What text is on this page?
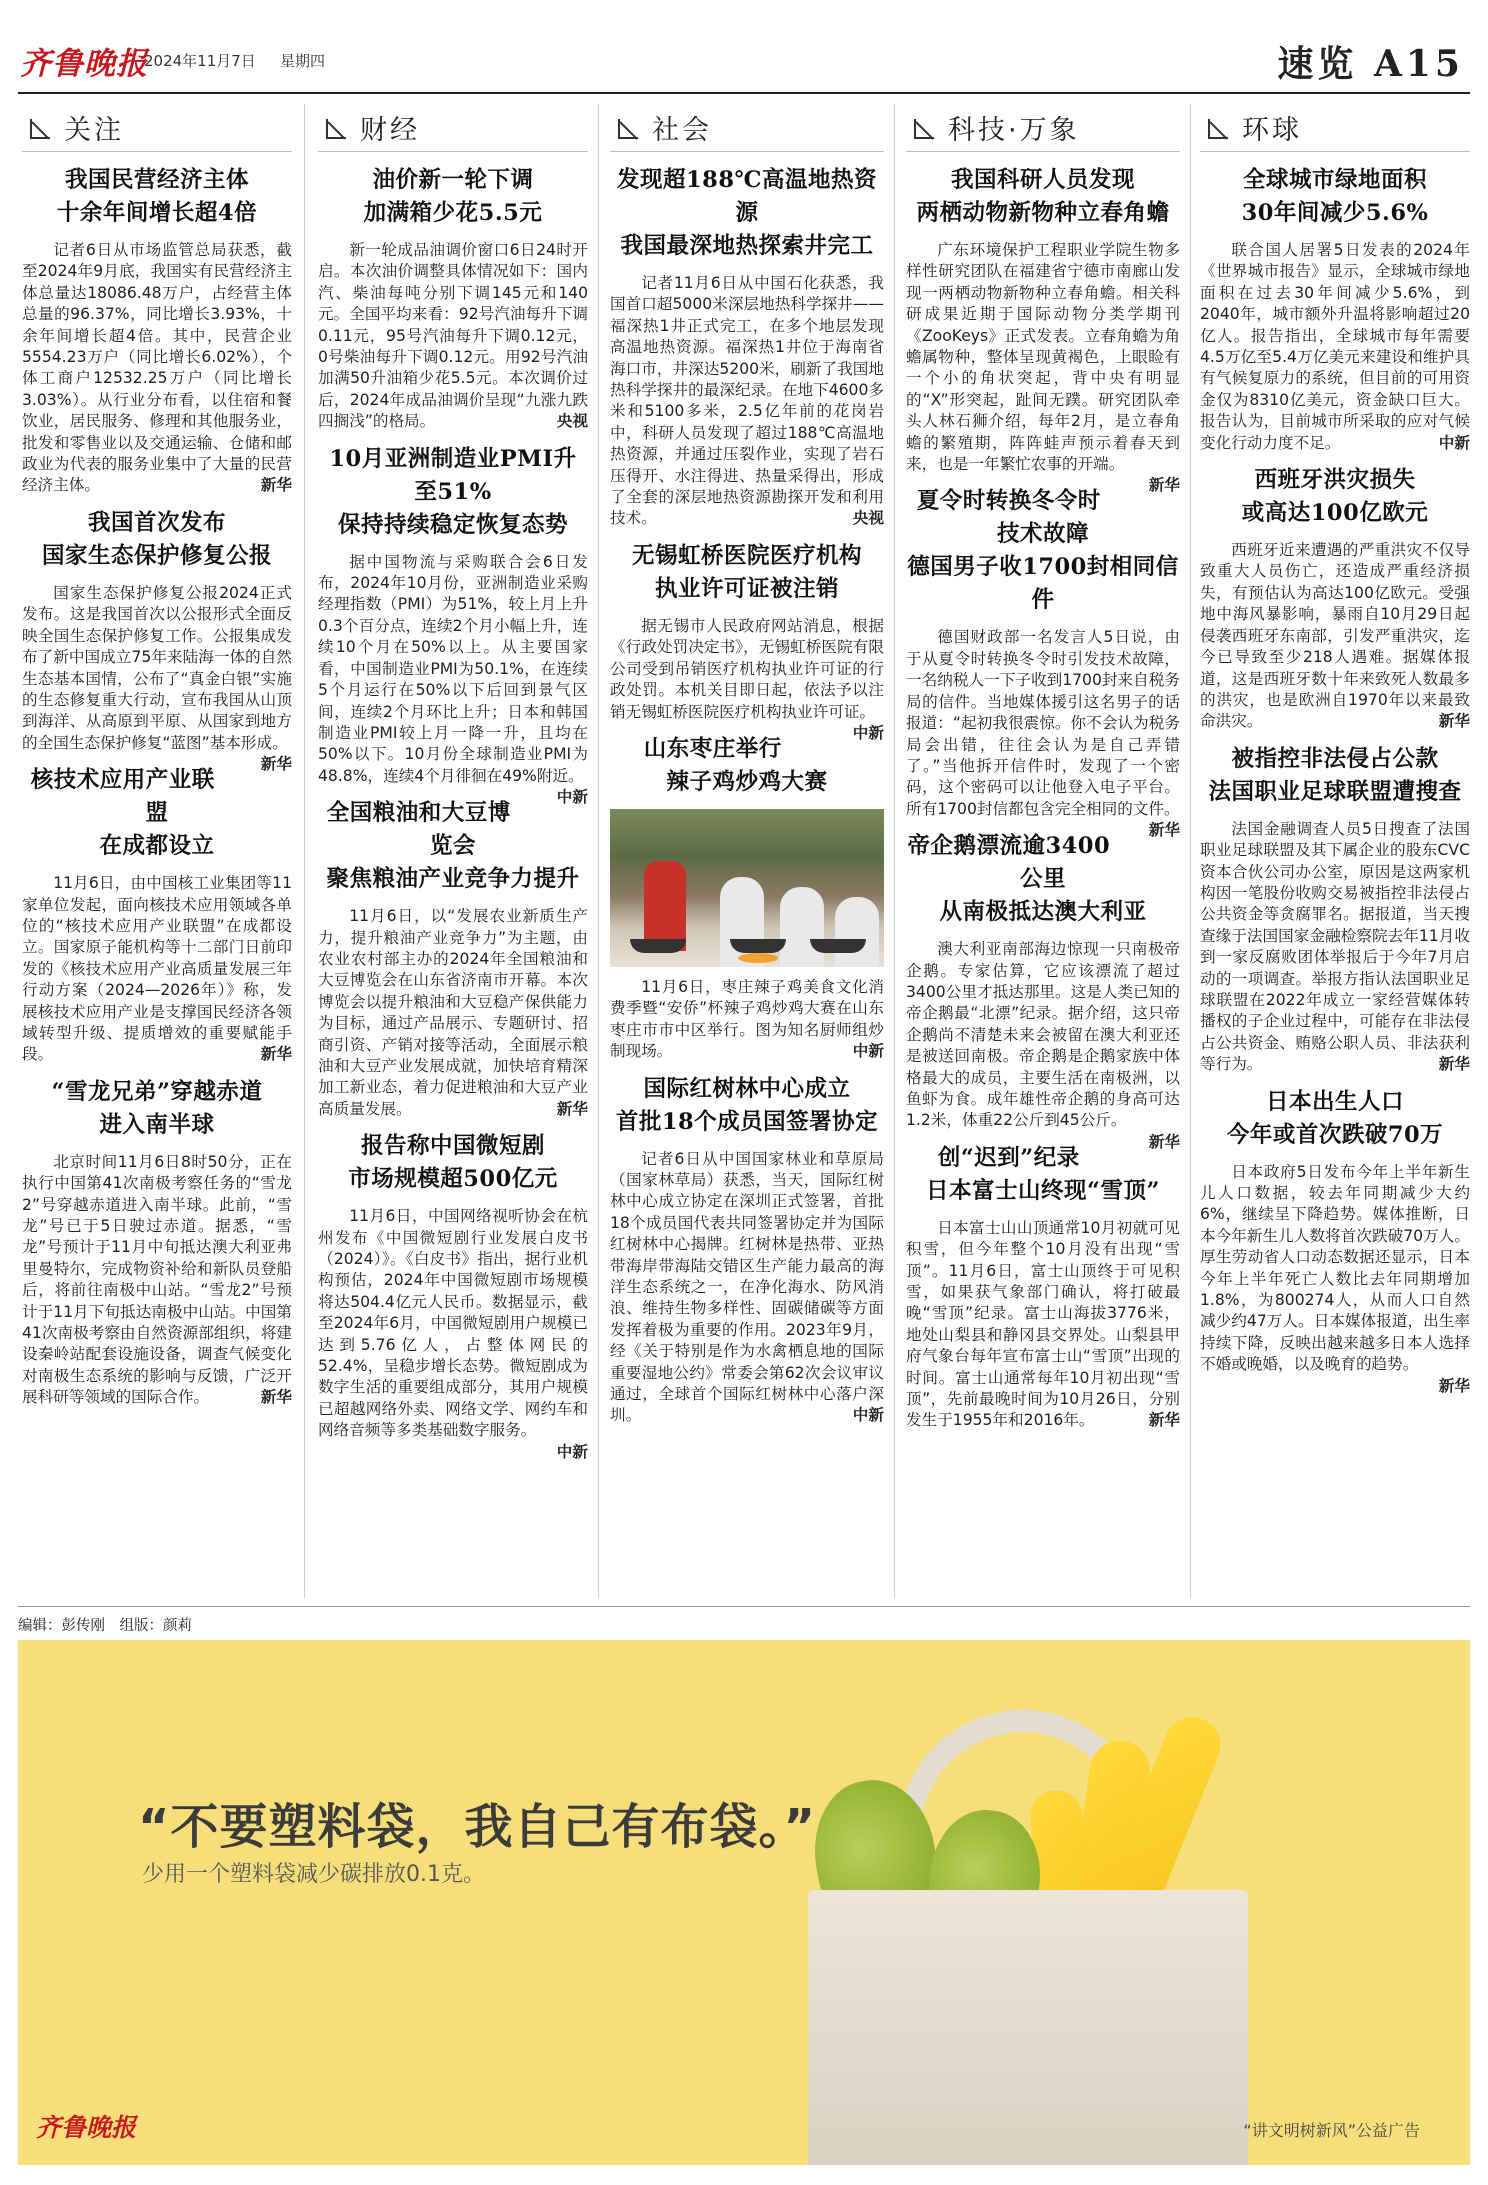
齐鲁晚报
2024年11月7日 星期四	速览 A15
关注
我国民营经济主体
十余年间增长超4倍
记者6日从市场监管总局获悉，截至2024年9月底，我国实有民营经济主体总量达18086.48万户，占经营主体总量的96.37%，同比增长3.93%，十余年间增长超4倍。其中，民营企业5554.23万户（同比增长6.02%），个体工商户12532.25万户（同比增长3.03%）。从行业分布看，以住宿和餐饮业，居民服务、修理和其他服务业，批发和零售业以及交通运输、仓储和邮政业为代表的服务业集中了大量的民营经济主体。	新华
我国首次发布
国家生态保护修复公报
国家生态保护修复公报2024正式发布。这是我国首次以公报形式全面反映全国生态保护修复工作。公报集成发布了新中国成立75年来陆海一体的自然生态基本国情，公布了“真金白银”实施的生态修复重大行动，宣布我国从山顶到海洋、从高原到平原、从国家到地方的全国生态保护修复“蓝图”基本形成。
新华
核技术应用产业联盟
在成都设立
11月6日，由中国核工业集团等11家单位发起，面向核技术应用领域各单位的“核技术应用产业联盟”在成都设立。国家原子能机构等十二部门日前印发的《核技术应用产业高质量发展三年行动方案（2024—2026年）》称，发展核技术应用产业是支撑国民经济各领域转型升级、提质增效的重要赋能手段。	新华
“雪龙兄弟”穿越赤道
进入南半球
北京时间11月6日8时50分，正在执行中国第41次南极考察任务的“雪龙2”号穿越赤道进入南半球。此前，“雪龙”号已于5日驶过赤道。据悉，“雪龙”号预计于11月中旬抵达澳大利亚弗里曼特尔，完成物资补给和新队员登船后，将前往南极中山站。“雪龙2”号预计于11月下旬抵达南极中山站。中国第41次南极考察由自然资源部组织，将建设秦岭站配套设施设备，调查气候变化对南极生态系统的影响与反馈，广泛开展科研等领域的国际合作。	新华
财经
油价新一轮下调
加满箱少花5.5元
新一轮成品油调价窗口6日24时开启。本次油价调整具体情况如下：国内汽、柴油每吨分别下调145元和140元。全国平均来看：92号汽油每升下调0.11元，95号汽油每升下调0.12元，0号柴油每升下调0.12元。用92号汽油加满50升油箱少花5.5元。本次调价过后，2024年成品油调价呈现“九涨九跌四搁浅”的格局。	央视
10月亚洲制造业PMI升至51%
保持持续稳定恢复态势
据中国物流与采购联合会6日发布，2024年10月份，亚洲制造业采购经理指数（PMI）为51%，较上月上升0.3个百分点，连续2个月小幅上升，连续10个月在50%以上。从主要国家看，中国制造业PMI为50.1%，在连续5个月运行在50%以下后回到景气区间，连续2个月环比上升；日本和韩国制造业PMI较上月一降一升，且均在50%以下。10月份全球制造业PMI为48.8%，连续4个月徘徊在49%附近。
中新
全国粮油和大豆博览会
聚焦粮油产业竞争力提升
11月6日，以“发展农业新质生产力，提升粮油产业竞争力”为主题，由农业农村部主办的2024年全国粮油和大豆博览会在山东省济南市开幕。本次博览会以提升粮油和大豆稳产保供能力为目标，通过产品展示、专题研讨、招商引资、产销对接等活动，全面展示粮油和大豆产业发展成就，加快培育精深加工新业态，着力促进粮油和大豆产业高质量发展。	新华
报告称中国微短剧
市场规模超500亿元
11月6日，中国网络视听协会在杭州发布《中国微短剧行业发展白皮书（2024）》。《白皮书》指出，据行业机构预估，2024年中国微短剧市场规模将达504.4亿元人民币。数据显示，截至2024年6月，中国微短剧用户规模已达到5.76亿人，占整体网民的52.4%，呈稳步增长态势。微短剧成为数字生活的重要组成部分，其用户规模已超越网络外卖、网络文学、网约车和网络音频等多类基础数字服务。
中新
社会
发现超188℃高温地热资源
我国最深地热探索井完工
记者11月6日从中国石化获悉，我国首口超5000米深层地热科学探井——福深热1井正式完工，在多个地层发现高温地热资源。福深热1井位于海南省海口市，井深达5200米，刷新了我国地热科学探井的最深纪录。在地下4600多米和5100多米，2.5亿年前的花岗岩中，科研人员发现了超过188℃高温地热资源，并通过压裂作业，实现了岩石压得开、水注得进、热量采得出，形成了全套的深层地热资源勘探开发和利用技术。	央视
无锡虹桥医院医疗机构
执业许可证被注销
据无锡市人民政府网站消息，根据《行政处罚决定书》，无锡虹桥医院有限公司受到吊销医疗机构执业许可证的行政处罚。本机关目即日起，依法予以注销无锡虹桥医院医疗机构执业许可证。
中新
山东枣庄举行
辣子鸡炒鸡大赛
11月6日，枣庄辣子鸡美食文化消费季暨“安侨”杯辣子鸡炒鸡大赛在山东枣庄市市中区举行。图为知名厨师组炒制现场。	中新
国际红树林中心成立
首批18个成员国签署协定
记者6日从中国国家林业和草原局（国家林草局）获悉，当天，国际红树林中心成立协定在深圳正式签署，首批18个成员国代表共同签署协定并为国际红树林中心揭牌。红树林是热带、亚热带海岸带海陆交错区生产能力最高的海洋生态系统之一，在净化海水、防风消浪、维持生物多样性、固碳储碳等方面发挥着极为重要的作用。2023年9月，经《关于特别是作为水禽栖息地的国际重要湿地公约》常委会第62次会议审议通过，全球首个国际红树林中心落户深圳。	中新
科技·万象
我国科研人员发现
两栖动物新物种立春角蟾
广东环境保护工程职业学院生物多样性研究团队在福建省宁德市南廊山发现一两栖动物新物种立春角蟾。相关科研成果近期于国际动物分类学期刊《ZooKeys》正式发表。立春角蟾为角蟾属物种，整体呈现黄褐色，上眼睑有一个小的角状突起，背中央有明显的“X”形突起，趾间无蹼。研究团队牵头人林石狮介绍，每年2月，是立春角蟾的繁殖期，阵阵蛙声预示着春天到来，也是一年繁忙农事的开端。
新华
夏令时转换冬令时技术故障
德国男子收1700封相同信件
德国财政部一名发言人5日说，由于从夏令时转换冬令时引发技术故障，一名纳税人一下子收到1700封来自税务局的信件。当地媒体援引这名男子的话报道：“起初我很震惊。你不会认为税务局会出错，往往会认为是自己弄错了。”当他拆开信件时，发现了一个密码，这个密码可以让他登入电子平台。所有1700封信都包含完全相同的文件。
新华
帝企鹅漂流逾3400公里
从南极抵达澳大利亚
澳大利亚南部海边惊现一只南极帝企鹅。专家估算，它应该漂流了超过3400公里才抵达那里。这是人类已知的帝企鹅最“北漂”纪录。据介绍，这只帝企鹅尚不清楚未来会被留在澳大利亚还是被送回南极。帝企鹅是企鹅家族中体格最大的成员，主要生活在南极洲，以鱼虾为食。成年雄性帝企鹅的身高可达1.2米，体重22公斤到45公斤。
新华
创“迟到”纪录
日本富士山终现“雪顶”
日本富士山山顶通常10月初就可见积雪，但今年整个10月没有出现“雪顶”。11月6日，富士山顶终于可见积雪，如果获气象部门确认，将打破最晚“雪顶”纪录。富士山海拔3776米，地处山梨县和静冈县交界处。山梨县甲府气象台每年宣布富士山“雪顶”出现的时间。富士山通常每年10月初出现“雪顶”，先前最晚时间为10月26日，分别发生于1955年和2016年。	新华
环球
全球城市绿地面积
30年间减少5.6%
联合国人居署5日发表的2024年《世界城市报告》显示，全球城市绿地面积在过去30年间减少5.6%，到2040年，城市额外升温将影响超过20亿人。报告指出，全球城市每年需要4.5万亿至5.4万亿美元来建设和维护具有气候复原力的系统，但目前的可用资金仅为8310亿美元，资金缺口巨大。报告认为，目前城市所采取的应对气候变化行动力度不足。	中新
西班牙洪灾损失
或高达100亿欧元
西班牙近来遭遇的严重洪灾不仅导致重大人员伤亡，还造成严重经济损失，有预估认为高达100亿欧元。受强地中海风暴影响，暴雨自10月29日起侵袭西班牙东南部，引发严重洪灾，迄今已导致至少218人遇难。据媒体报道，这是西班牙数十年来致死人数最多的洪灾，也是欧洲自1970年以来最致命洪灾。	新华
被指控非法侵占公款
法国职业足球联盟遭搜查
法国金融调查人员5日搜查了法国职业足球联盟及其下属企业的股东CVC资本合伙公司办公室，原因是这两家机构因一笔股份收购交易被指控非法侵占公共资金等贪腐罪名。据报道，当天搜查缘于法国国家金融检察院去年11月收到一家反腐败团体举报后于今年7月启动的一项调查。举报方指认法国职业足球联盟在2022年成立一家经营媒体转播权的子企业过程中，可能存在非法侵占公共资金、贿赂公职人员、非法获利等行为。	新华
日本出生人口
今年或首次跌破70万
日本政府5日发布今年上半年新生儿人口数据，较去年同期减少大约6%，继续呈下降趋势。媒体推断，日本今年新生儿人数将首次跌破70万人。厚生劳动省人口动态数据还显示，日本今年上半年死亡人数比去年同期增加1.8%，为800274人，从而人口自然减少约47万人。日本媒体报道，出生率持续下降，反映出越来越多日本人选择不婚或晚婚，以及晚育的趋势。
新华
编辑：彭传刚　组版：颜莉
“不要塑料袋，我自己有布袋。”
少用一个塑料袋减少碳排放0.1克。
齐鲁晚报	“讲文明树新风”公益广告
